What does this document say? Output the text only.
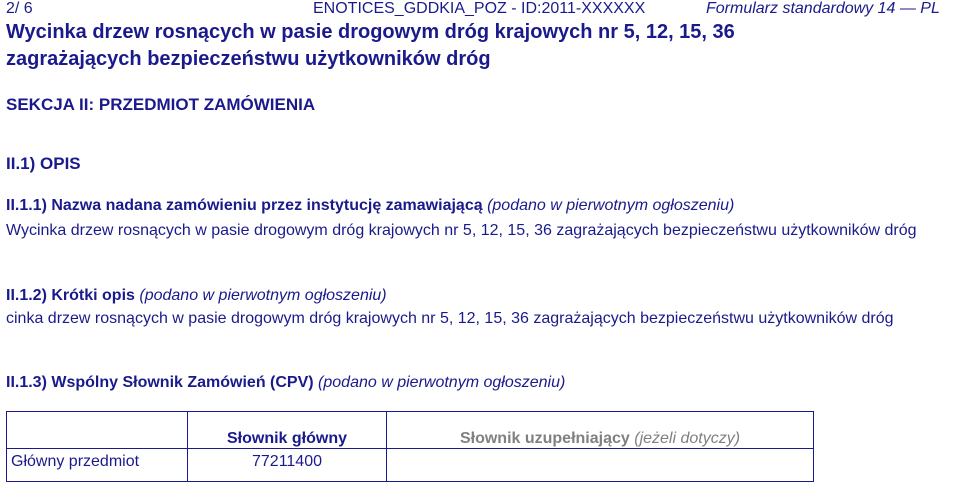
2/ 6	ENOTICES_GDDKIA_POZ - ID:2011-XXXXXX	Formularz standardowy 14 — PL
Wycinka drzew rosnących w pasie drogowym dróg krajowych nr 5, 12, 15, 36
zagrażających bezpieczeństwu użytkowników dróg
SEKCJA II: PRZEDMIOT ZAMÓWIENIA
II.1) OPIS
II.1.1) Nazwa nadana zamówieniu przez instytucję zamawiającą (podano w pierwotnym ogłoszeniu)
Wycinka drzew rosnących w pasie drogowym dróg krajowych nr 5, 12, 15, 36 zagrażających bezpieczeństwu użytkowników dróg
II.1.2) Krótki opis (podano w pierwotnym ogłoszeniu)
cinka drzew rosnących w pasie drogowym dróg krajowych nr 5, 12, 15, 36 zagrażających bezpieczeństwu użytkowników dróg
II.1.3) Wspólny Słownik Zamówień (CPV) (podano w pierwotnym ogłoszeniu)
	Słownik główny	Słownik uzupełniający (jeżeli dotyczy)
Główny przedmiot	77211400	
